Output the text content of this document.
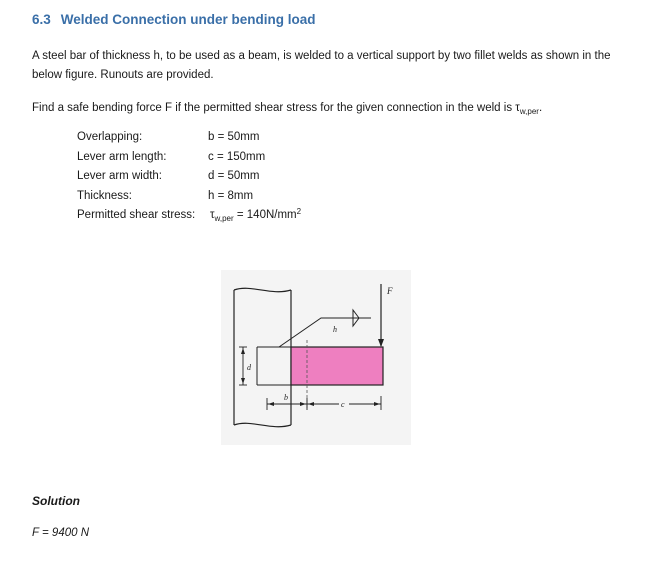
6.3 Welded Connection under bending load
A steel bar of thickness h, to be used as a beam, is welded to a vertical support by two fillet welds as shown in the below figure. Runouts are provided.
Find a safe bending force F if the permitted shear stress for the given connection in the weld is $\tau_{w,per}$.
Overlapping:	b = 50mm
Lever arm length:	c = 150mm
Lever arm width:	d = 50mm
Thickness:	h = 8mm
Permitted shear stress: $\tau_{w,per} = 140N/mm^2$
h
F
d
b
c
Solution
F = 9400 N
